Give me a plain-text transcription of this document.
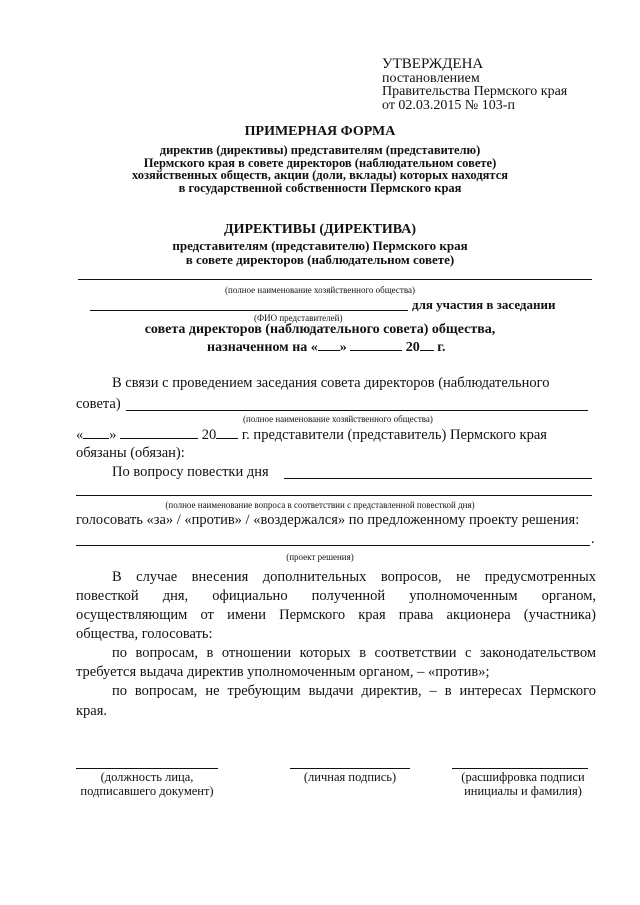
УТВЕРЖДЕНА
постановлением
Правительства Пермского края
от 02.03.2015 № 103-п
ПРИМЕРНАЯ ФОРМА
директив (директивы) представителям (представителю)
Пермского края в совете директоров (наблюдательном совете)
хозяйственных обществ, акции (доли, вклады) которых находятся
в государственной собственности Пермского края
ДИРЕКТИВЫ (ДИРЕКТИВА)
представителям (представителю) Пермского края
в совете директоров (наблюдательном совете)
(полное наименование хозяйственного общества)
для участия в заседании
(ФИО представителей)
совета директоров (наблюдательного совета) общества,
назначенном на « »	20 г.
В связи с проведением заседания совета директоров (наблюдательного
совета)
(полное наименование хозяйственного общества)
« »	20 г. представители (представитель) Пермского края
обязаны (обязан):
По вопросу повестки дня
(полное наименование вопроса в соответствии с представленной повесткой дня)
голосовать «за» / «против» / «воздержался» по предложенному проекту решения:
.
(проект решения)
В случае внесения дополнительных вопросов, не предусмотренных
повесткой дня, официально полученной уполномоченным органом,
осуществляющим от имени Пермского края права акционера (участника)
общества, голосовать:
по вопросам, в отношении которых в соответствии с законодательством
требуется выдача директив уполномоченным органом, – «против»;
по вопросам, не требующим выдачи директив, – в интересах Пермского
края.
(должность лица,
подписавшего документ)
(личная подпись)	(расшифровка подписи
инициалы и фамилия)
